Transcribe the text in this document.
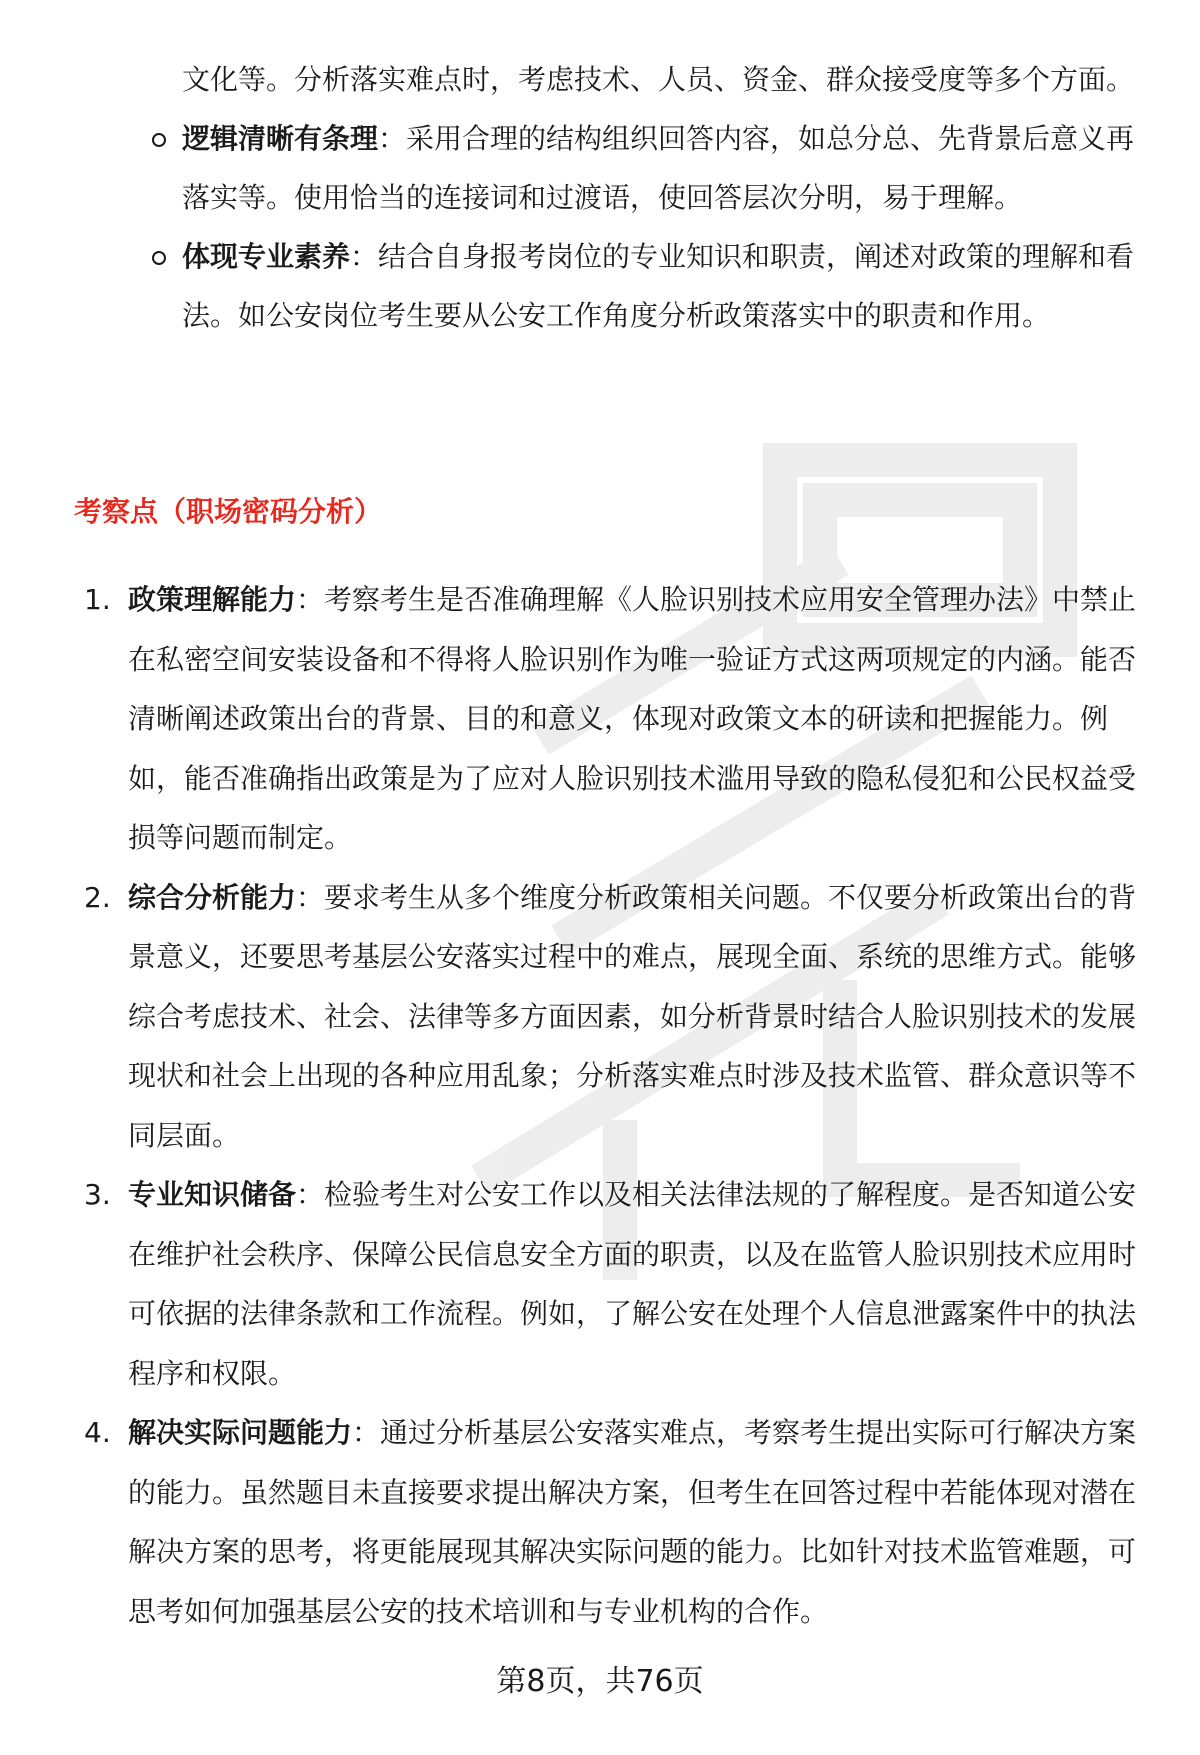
文化等。分析落实难点时，考虑技术、人员、资金、群众接受度等多个方面。

逻辑清晰有条理：采用合理的结构组织回答内容，如总分总、先背景后意义再落实等。使用恰当的连接词和过渡语，使回答层次分明，易于理解。

体现专业素养：结合自身报考岗位的专业知识和职责，阐述对政策的理解和看法。如公安岗位考生要从公安工作角度分析政策落实中的职责和作用。

考察点（职场密码分析）

1. 政策理解能力：考察考生是否准确理解《人脸识别技术应用安全管理办法》中禁止在私密空间安装设备和不得将人脸识别作为唯一验证方式这两项规定的内涵。能否清晰阐述政策出台的背景、目的和意义，体现对政策文本的研读和把握能力。例如，能否准确指出政策是为了应对人脸识别技术滥用导致的隐私侵犯和公民权益受损等问题而制定。

2. 综合分析能力：要求考生从多个维度分析政策相关问题。不仅要分析政策出台的背景意义，还要思考基层公安落实过程中的难点，展现全面、系统的思维方式。能够综合考虑技术、社会、法律等多方面因素，如分析背景时结合人脸识别技术的发展现状和社会上出现的各种应用乱象；分析落实难点时涉及技术监管、群众意识等不同层面。

3. 专业知识储备：检验考生对公安工作以及相关法律法规的了解程度。是否知道公安在维护社会秩序、保障公民信息安全方面的职责，以及在监管人脸识别技术应用时可依据的法律条款和工作流程。例如，了解公安在处理个人信息泄露案件中的执法程序和权限。

4. 解决实际问题能力：通过分析基层公安落实难点，考察考生提出实际可行解决方案的能力。虽然题目未直接要求提出解决方案，但考生在回答过程中若能体现对潜在解决方案的思考，将更能展现其解决实际问题的能力。比如针对技术监管难题，可思考如何加强基层公安的技术培训和与专业机构的合作。

第8页，共76页
